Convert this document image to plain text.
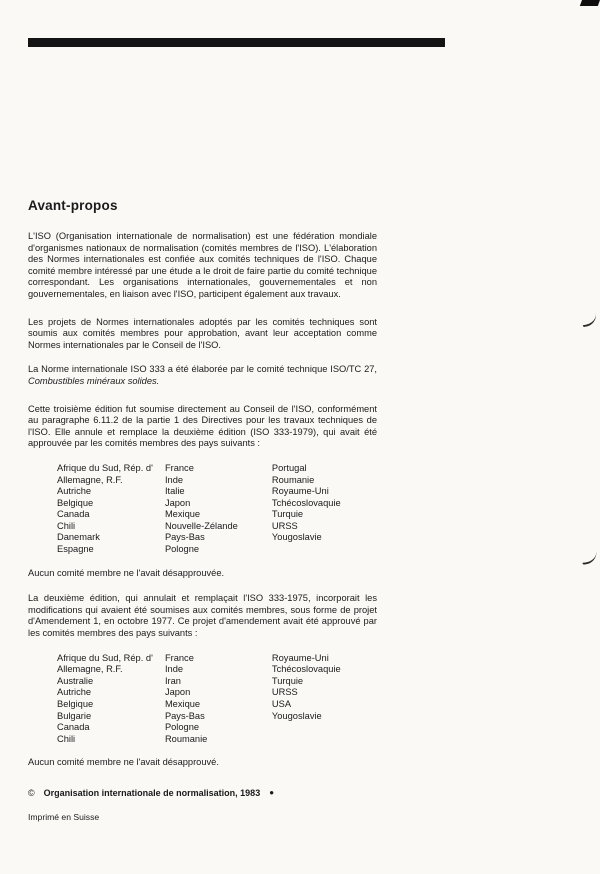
Avant-propos

L'ISO (Organisation internationale de normalisation) est une fédération mondiale d'organismes nationaux de normalisation (comités membres de l'ISO). L'élaboration des Normes internationales est confiée aux comités techniques de l'ISO. Chaque comité membre intéressé par une étude a le droit de faire partie du comité technique correspondant. Les organisations internationales, gouvernementales et non gouvernementales, en liaison avec l'ISO, participent également aux travaux.

Les projets de Normes internationales adoptés par les comités techniques sont soumis aux comités membres pour approbation, avant leur acceptation comme Normes internationales par le Conseil de l'ISO.

La Norme internationale ISO 333 a été élaborée par le comité technique ISO/TC 27, Combustibles minéraux solides.

Cette troisième édition fut soumise directement au Conseil de l'ISO, conformément au paragraphe 6.11.2 de la partie 1 des Directives pour les travaux techniques de l'ISO. Elle annule et remplace la deuxième édition (ISO 333-1979), qui avait été approuvée par les comités membres des pays suivants :

Afrique du Sud, Rép. d'
Allemagne, R.F.
Autriche
Belgique
Canada
Chili
Danemark
Espagne
France
Inde
Italie
Japon
Mexique
Nouvelle-Zélande
Pays-Bas
Pologne
Portugal
Roumanie
Royaume-Uni
Tchécoslovaquie
Turquie
URSS
Yougoslavie

Aucun comité membre ne l'avait désapprouvée.

La deuxième édition, qui annulait et remplaçait l'ISO 333-1975, incorporait les modifications qui avaient été soumises aux comités membres, sous forme de projet d'Amendement 1, en octobre 1977. Ce projet d'amendement avait été approuvé par les comités membres des pays suivants :

Afrique du Sud, Rép. d'
Allemagne, R.F.
Australie
Autriche
Belgique
Bulgarie
Canada
Chili
France
Inde
Iran
Japon
Mexique
Pays-Bas
Pologne
Roumanie
Royaume-Uni
Tchécoslovaquie
Turquie
URSS
USA
Yougoslavie

Aucun comité membre ne l'avait désapprouvé.

© Organisation internationale de normalisation, 1983 ●
Imprimé en Suisse
